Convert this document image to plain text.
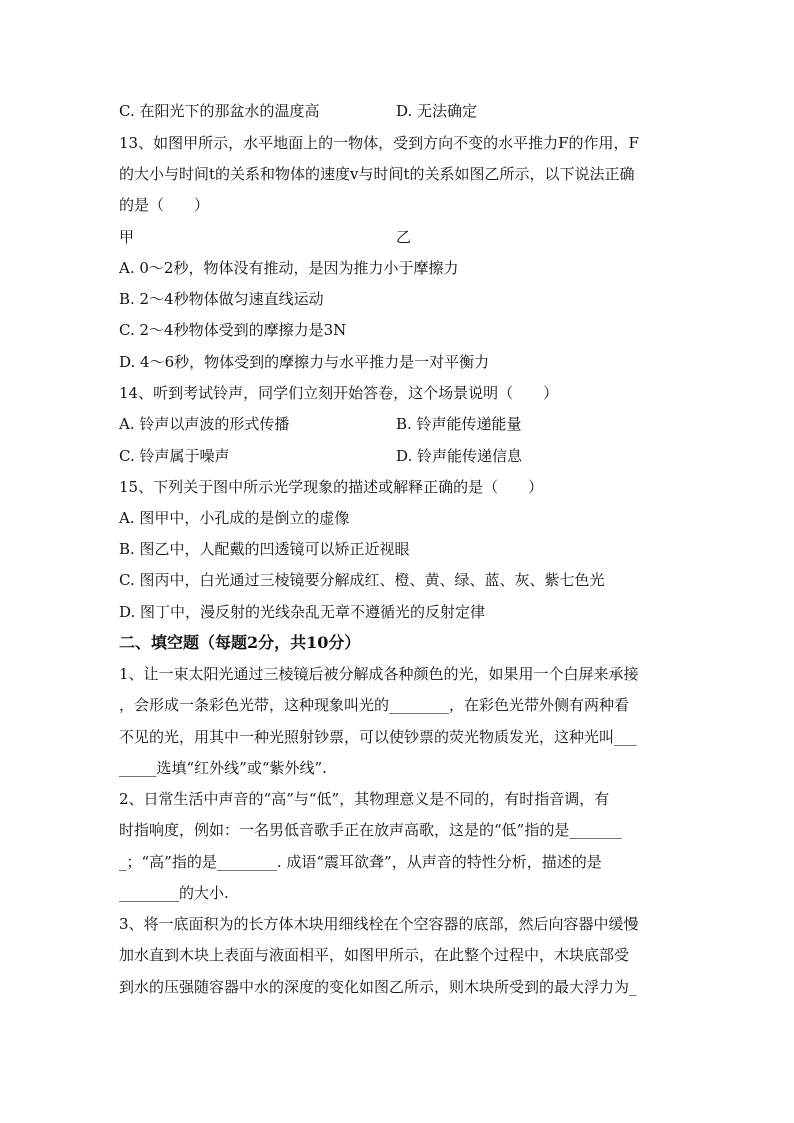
C. 在阳光下的那盆水的温度高	D. 无法确定
13、如图甲所示，水平地面上的一物体，受到方向不变的水平推力F的作用，F
的大小与时间t的关系和物体的速度v与时间t的关系如图乙所示，以下说法正确
的是（　　）
甲	乙
A. 0～2秒，物体没有推动，是因为推力小于摩擦力
B. 2～4秒物体做匀速直线运动
C. 2～4秒物体受到的摩擦力是3N
D. 4～6秒，物体受到的摩擦力与水平推力是一对平衡力
14、听到考试铃声，同学们立刻开始答卷，这个场景说明（　　）
A. 铃声以声波的形式传播	B. 铃声能传递能量
C. 铃声属于噪声	D. 铃声能传递信息
15、下列关于图中所示光学现象的描述或解释正确的是（　　）
A. 图甲中，小孔成的是倒立的虚像
B. 图乙中，人配戴的凹透镜可以矫正近视眼
C. 图丙中，白光通过三棱镜要分解成红、橙、黄、绿、蓝、灰、紫七色光
D. 图丁中，漫反射的光线杂乱无章不遵循光的反射定律
二、填空题（每题2分，共10分）
1、让一束太阳光通过三棱镜后被分解成各种颜色的光，如果用一个白屏来承接
，会形成一条彩色光带，这种现象叫光的________，在彩色光带外侧有两种看
不见的光，用其中一种光照射钞票，可以使钞票的荧光物质发光，这种光叫___
_____选填“红外线”或“紫外线”.
2、日常生活中声音的“高”与“低”，其物理意义是不同的，有时指音调，有
时指响度，例如：一名男低音歌手正在放声高歌，这是的“低”指的是_______
_；“高”指的是________. 成语“震耳欲聋”，从声音的特性分析，描述的是
________的大小.
3、将一底面积为的长方体木块用细线栓在个空容器的底部，然后向容器中缓慢
加水直到木块上表面与液面相平，如图甲所示，在此整个过程中，木块底部受
到水的压强随容器中水的深度的变化如图乙所示，则木块所受到的最大浮力为_
